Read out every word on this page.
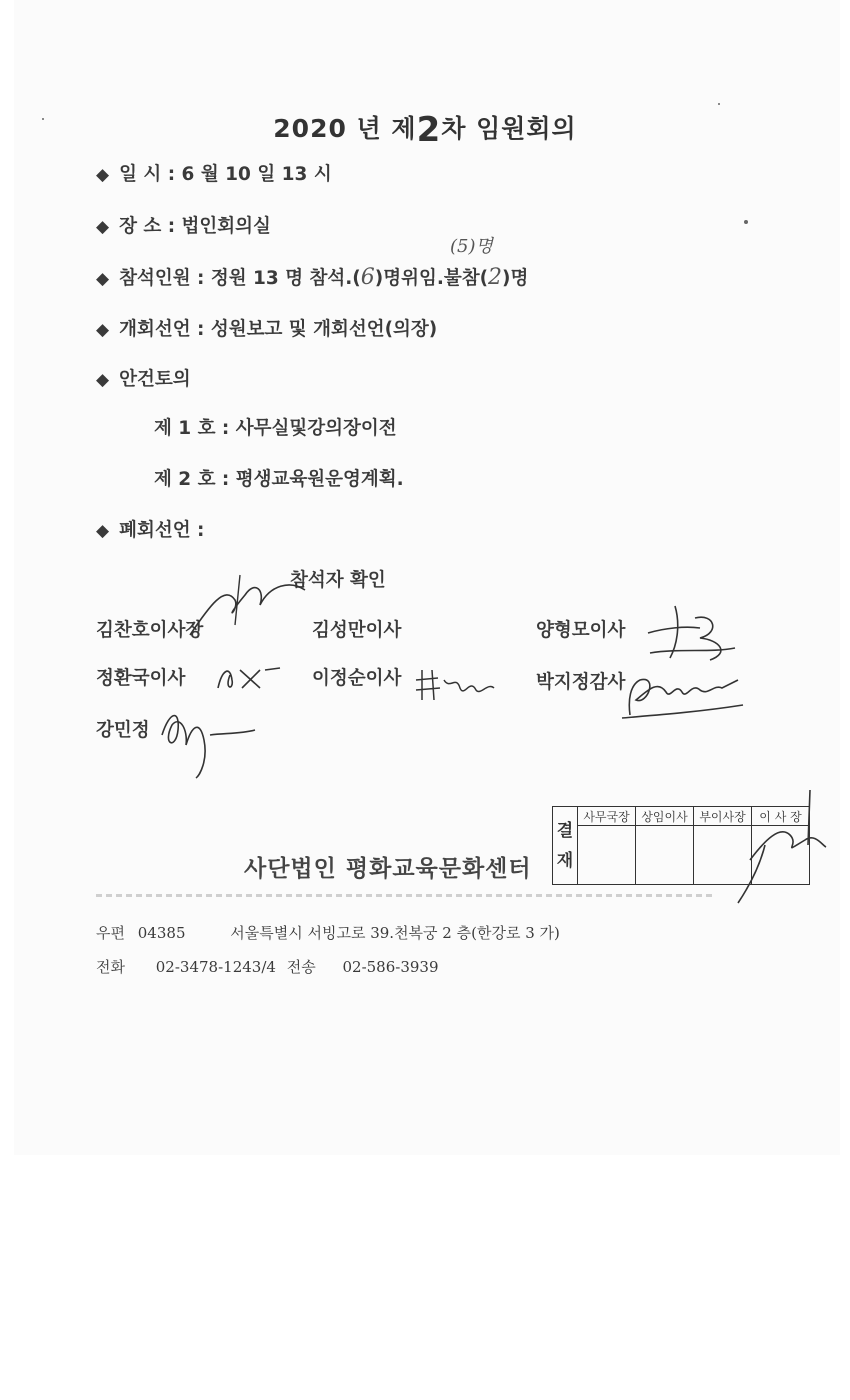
2020 년 제2차 임원회의
◆ 일 시 : 6 월 10 일 13 시
◆ 장 소 : 법인회의실
(5)명
◆ 참석인원 : 정원 13 명 참석.(6)명위임.불참(2)명
◆ 개회선언 : 성원보고 및 개회선언(의장)
◆ 안건토의
제 1 호 : 사무실및강의장이전
제 2 호 : 평생교육원운영계획.
◆ 폐회선언 :
참석자 확인
김찬호이사장	김성만이사	양형모이사
정환국이사	이정순이사	박지정감사
강민정
사단법인 평화교육문화센터
결
재	사무국장	상임이사	부이사장	이 사 장

우편 04385	서울특별시 서빙고로 39.천복궁 2 층(한강로 3 가)
전화 02-3478-1243/4 전송 02-586-3939
